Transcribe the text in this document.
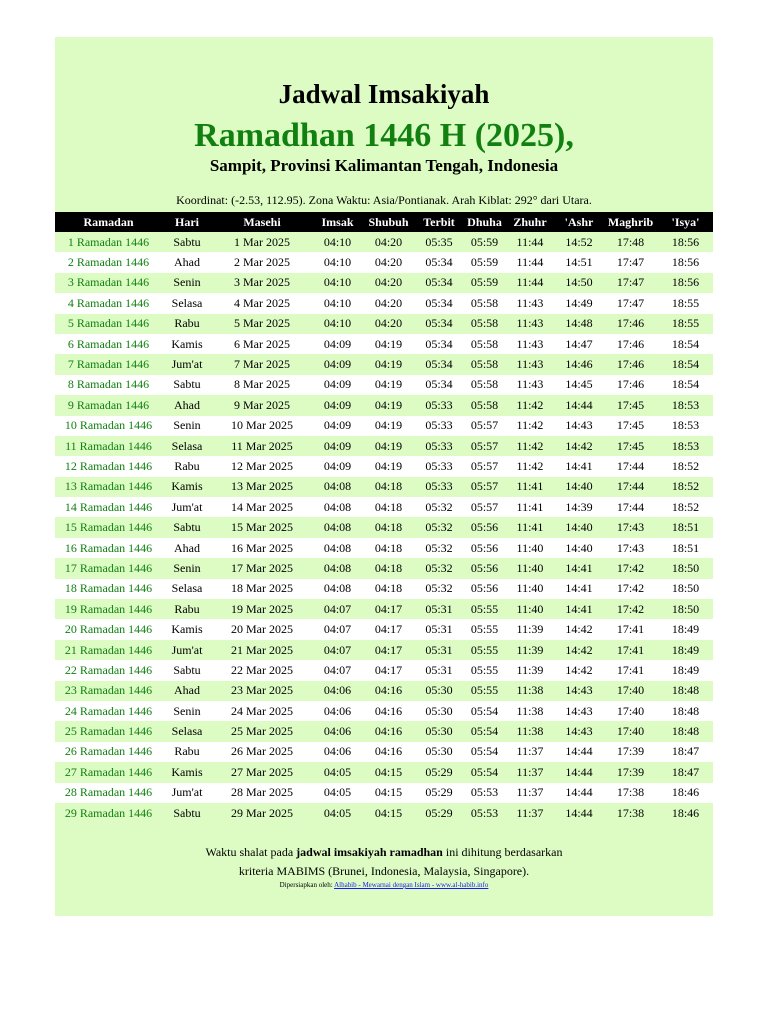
Jadwal Imsakiyah
Ramadhan 1446 H (2025),
Sampit, Provinsi Kalimantan Tengah, Indonesia
Koordinat: (-2.53, 112.95). Zona Waktu: Asia/Pontianak. Arah Kiblat: 292° dari Utara.
Ramadan	Hari	Masehi	Imsak	Shubuh	Terbit	Dhuha	Zhuhr	'Ashr	Maghrib	'Isya'
1 Ramadan 1446	Sabtu	1 Mar 2025	04:10	04:20	05:35	05:59	11:44	14:52	17:48	18:56
2 Ramadan 1446	Ahad	2 Mar 2025	04:10	04:20	05:34	05:59	11:44	14:51	17:47	18:56
3 Ramadan 1446	Senin	3 Mar 2025	04:10	04:20	05:34	05:59	11:44	14:50	17:47	18:56
4 Ramadan 1446	Selasa	4 Mar 2025	04:10	04:20	05:34	05:58	11:43	14:49	17:47	18:55
5 Ramadan 1446	Rabu	5 Mar 2025	04:10	04:20	05:34	05:58	11:43	14:48	17:46	18:55
6 Ramadan 1446	Kamis	6 Mar 2025	04:09	04:19	05:34	05:58	11:43	14:47	17:46	18:54
7 Ramadan 1446	Jum'at	7 Mar 2025	04:09	04:19	05:34	05:58	11:43	14:46	17:46	18:54
8 Ramadan 1446	Sabtu	8 Mar 2025	04:09	04:19	05:34	05:58	11:43	14:45	17:46	18:54
9 Ramadan 1446	Ahad	9 Mar 2025	04:09	04:19	05:33	05:58	11:42	14:44	17:45	18:53
10 Ramadan 1446	Senin	10 Mar 2025	04:09	04:19	05:33	05:57	11:42	14:43	17:45	18:53
11 Ramadan 1446	Selasa	11 Mar 2025	04:09	04:19	05:33	05:57	11:42	14:42	17:45	18:53
12 Ramadan 1446	Rabu	12 Mar 2025	04:09	04:19	05:33	05:57	11:42	14:41	17:44	18:52
13 Ramadan 1446	Kamis	13 Mar 2025	04:08	04:18	05:33	05:57	11:41	14:40	17:44	18:52
14 Ramadan 1446	Jum'at	14 Mar 2025	04:08	04:18	05:32	05:57	11:41	14:39	17:44	18:52
15 Ramadan 1446	Sabtu	15 Mar 2025	04:08	04:18	05:32	05:56	11:41	14:40	17:43	18:51
16 Ramadan 1446	Ahad	16 Mar 2025	04:08	04:18	05:32	05:56	11:40	14:40	17:43	18:51
17 Ramadan 1446	Senin	17 Mar 2025	04:08	04:18	05:32	05:56	11:40	14:41	17:42	18:50
18 Ramadan 1446	Selasa	18 Mar 2025	04:08	04:18	05:32	05:56	11:40	14:41	17:42	18:50
19 Ramadan 1446	Rabu	19 Mar 2025	04:07	04:17	05:31	05:55	11:40	14:41	17:42	18:50
20 Ramadan 1446	Kamis	20 Mar 2025	04:07	04:17	05:31	05:55	11:39	14:42	17:41	18:49
21 Ramadan 1446	Jum'at	21 Mar 2025	04:07	04:17	05:31	05:55	11:39	14:42	17:41	18:49
22 Ramadan 1446	Sabtu	22 Mar 2025	04:07	04:17	05:31	05:55	11:39	14:42	17:41	18:49
23 Ramadan 1446	Ahad	23 Mar 2025	04:06	04:16	05:30	05:55	11:38	14:43	17:40	18:48
24 Ramadan 1446	Senin	24 Mar 2025	04:06	04:16	05:30	05:54	11:38	14:43	17:40	18:48
25 Ramadan 1446	Selasa	25 Mar 2025	04:06	04:16	05:30	05:54	11:38	14:43	17:40	18:48
26 Ramadan 1446	Rabu	26 Mar 2025	04:06	04:16	05:30	05:54	11:37	14:44	17:39	18:47
27 Ramadan 1446	Kamis	27 Mar 2025	04:05	04:15	05:29	05:54	11:37	14:44	17:39	18:47
28 Ramadan 1446	Jum'at	28 Mar 2025	04:05	04:15	05:29	05:53	11:37	14:44	17:38	18:46
29 Ramadan 1446	Sabtu	29 Mar 2025	04:05	04:15	05:29	05:53	11:37	14:44	17:38	18:46
Waktu shalat pada jadwal imsakiyah ramadhan ini dihitung berdasarkan
kriteria MABIMS (Brunei, Indonesia, Malaysia, Singapore).
Dipersiapkan oleh: Alhabib - Mewarnai dengan Islam - www.al-habib.info
